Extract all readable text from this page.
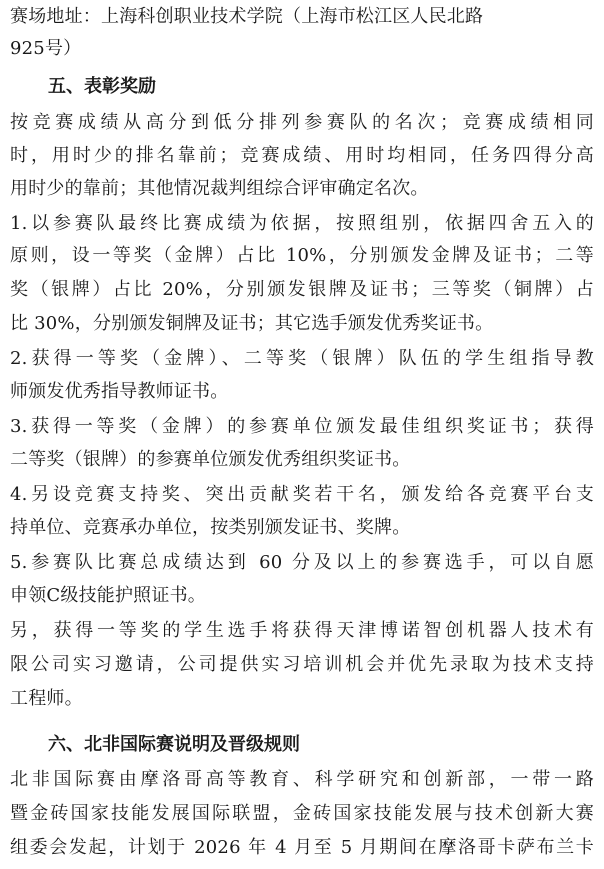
赛场地址：上海科创职业技术学院（上海市松江区人民北路
925号）
五、表彰奖励
按竞赛成绩从高分到低分排列参赛队的名次；竞赛成绩相同
时，用时少的排名靠前；竞赛成绩、用时均相同，任务四得分高
用时少的靠前；其他情况裁判组综合评审确定名次。
1.以参赛队最终比赛成绩为依据，按照组别，依据四舍五入的
原则，设一等奖（金牌）占比 10%，分别颁发金牌及证书；二等
奖（银牌）占比 20%，分别颁发银牌及证书；三等奖（铜牌）占
比 30%，分别颁发铜牌及证书；其它选手颁发优秀奖证书。
2.获得一等奖（金牌）、二等奖（银牌）队伍的学生组指导教
师颁发优秀指导教师证书。
3.获得一等奖（金牌）的参赛单位颁发最佳组织奖证书；获得
二等奖（银牌）的参赛单位颁发优秀组织奖证书。
4.另设竞赛支持奖、突出贡献奖若干名，颁发给各竞赛平台支
持单位、竞赛承办单位，按类别颁发证书、奖牌。
5.参赛队比赛总成绩达到 60 分及以上的参赛选手，可以自愿
申领C级技能护照证书。
另，获得一等奖的学生选手将获得天津博诺智创机器人技术有
限公司实习邀请，公司提供实习培训机会并优先录取为技术支持
工程师。
六、北非国际赛说明及晋级规则
北非国际赛由摩洛哥高等教育、科学研究和创新部，一带一路
暨金砖国家技能发展国际联盟，金砖国家技能发展与技术创新大赛
组委会发起，计划于 2026 年 4 月至 5 月期间在摩洛哥卡萨布兰卡
